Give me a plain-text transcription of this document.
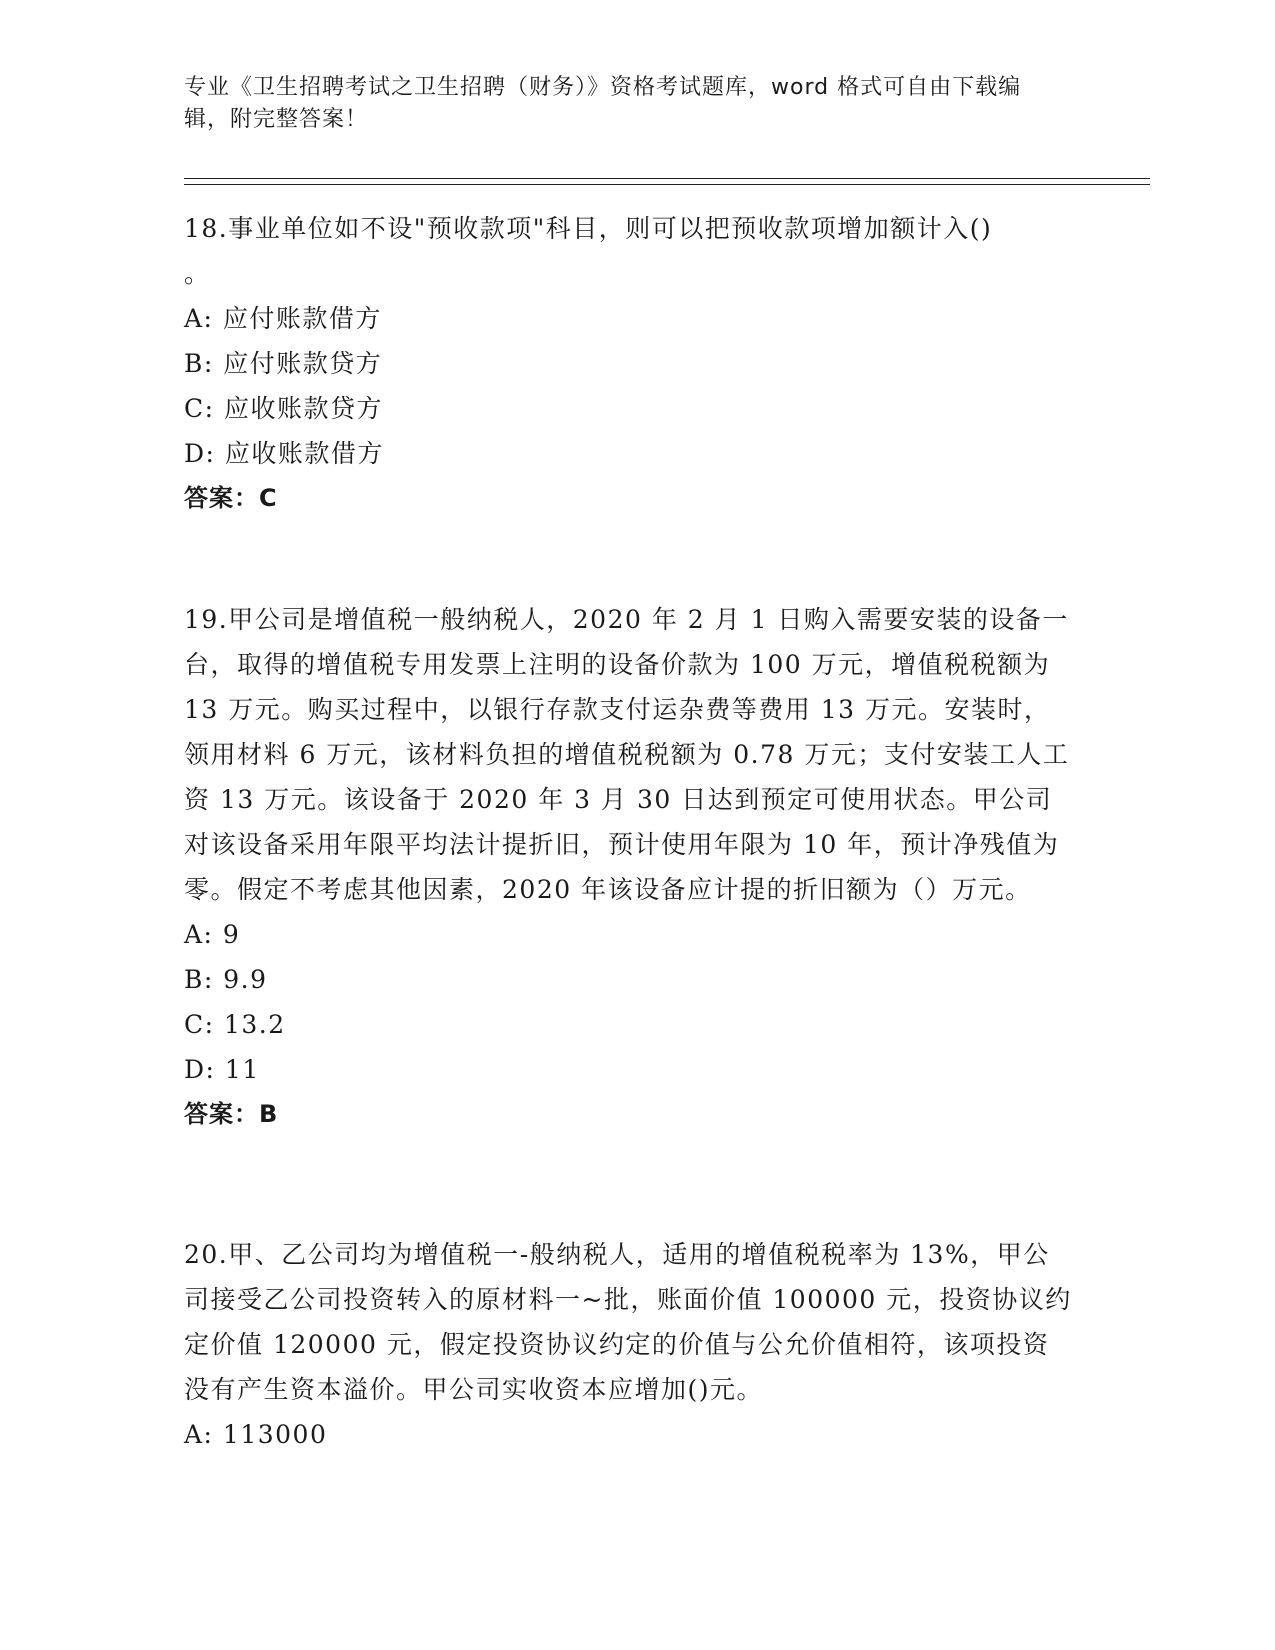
专业《卫生招聘考试之卫生招聘（财务）》资格考试题库，word 格式可自由下载编辑，附完整答案！

18.事业单位如不设"预收款项"科目，则可以把预收款项增加额计入()
。

A: 应付账款借方

B: 应付账款贷方

C: 应收账款贷方

D: 应收账款借方

答案：C

19.甲公司是增值税一般纳税人，2020 年 2 月 1 日购入需要安装的设备一台，取得的增值税专用发票上注明的设备价款为 100 万元，增值税税额为 13 万元。购买过程中，以银行存款支付运杂费等费用 13 万元。安装时，领用材料 6 万元，该材料负担的增值税税额为 0.78 万元；支付安装工人工资 13 万元。该设备于 2020 年 3 月 30 日达到预定可使用状态。甲公司对该设备采用年限平均法计提折旧，预计使用年限为 10 年，预计净残值为零。假定不考虑其他因素，2020 年该设备应计提的折旧额为（）万元。

A: 9

B: 9.9

C: 13.2

D: 11

答案：B

20.甲、乙公司均为增值税一-般纳税人，适用的增值税税率为 13%，甲公司接受乙公司投资转入的原材料一~批，账面价值 100000 元，投资协议约定价值 120000 元，假定投资协议约定的价值与公允价值相符，该项投资没有产生资本溢价。甲公司实收资本应增加()元。

A: 113000
